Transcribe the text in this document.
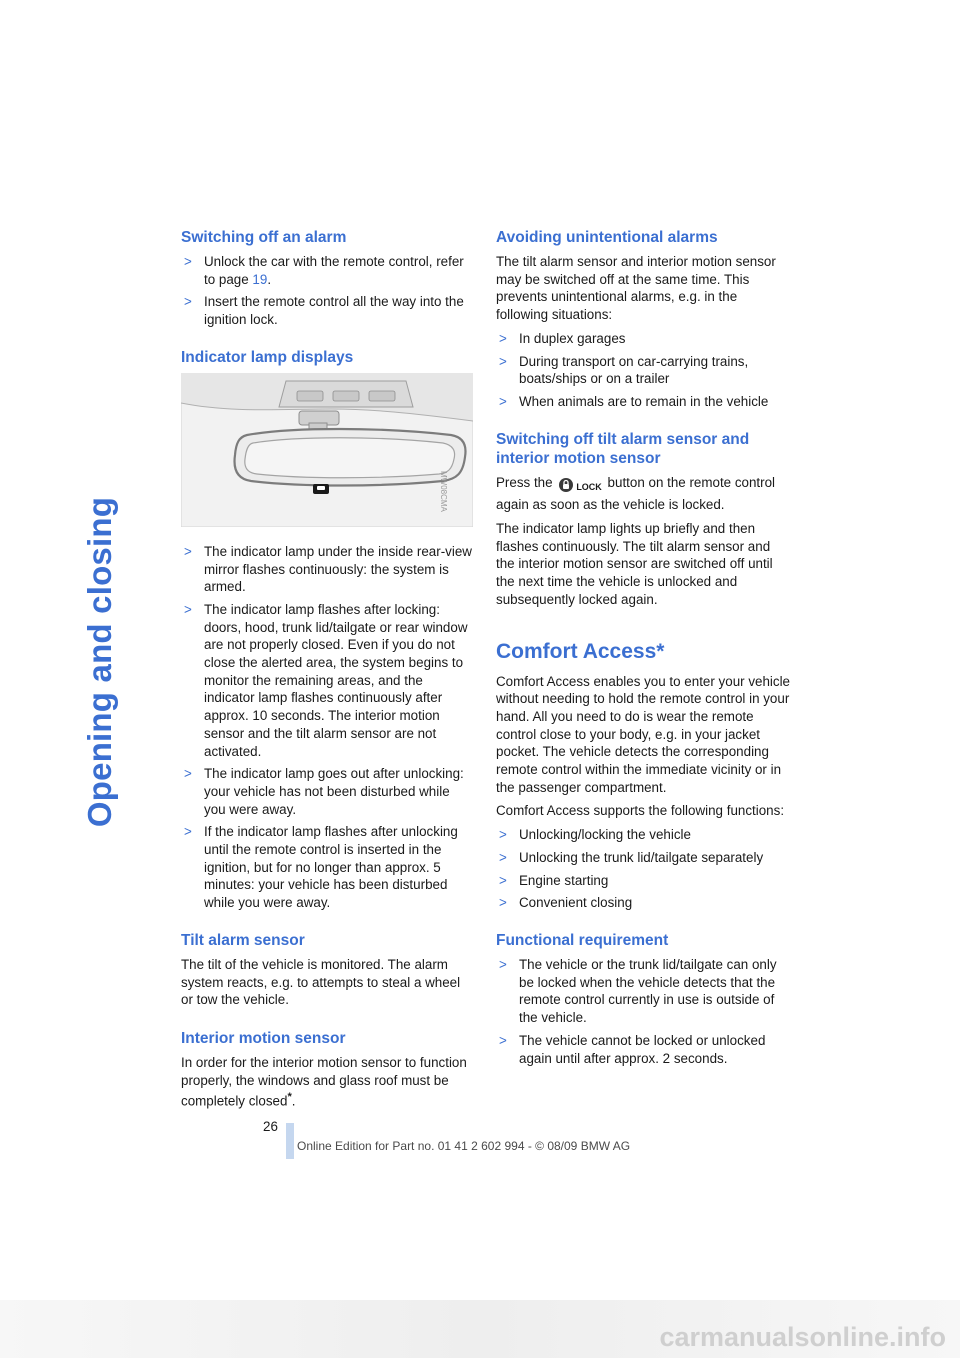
Opening and closing
Switching off an alarm
> Unlock the car with the remote control, refer to page 19.
> Insert the remote control all the way into the ignition lock.
Indicator lamp displays
MW08CMA
> The indicator lamp under the inside rear-view mirror flashes continuously: the system is armed.
> The indicator lamp flashes after locking: doors, hood, trunk lid/tailgate or rear window are not properly closed. Even if you do not close the alerted area, the system begins to monitor the remaining areas, and the indicator lamp flashes continuously after approx. 10 seconds. The interior motion sensor and the tilt alarm sensor are not activated.
> The indicator lamp goes out after unlocking: your vehicle has not been disturbed while you were away.
> If the indicator lamp flashes after unlocking until the remote control is inserted in the ignition, but for no longer than approx. 5 minutes: your vehicle has been disturbed while you were away.
Tilt alarm sensor

The tilt of the vehicle is monitored. The alarm system reacts, e.g. to attempts to steal a wheel or tow the vehicle.

Interior motion sensor

In order for the interior motion sensor to function properly, the windows and glass roof must be completely closed*.

Avoiding unintentional alarms

The tilt alarm sensor and interior motion sensor may be switched off at the same time. This prevents unintentional alarms, e.g. in the following situations:

> In duplex garages
> During transport on car-carrying trains, boats/ships or on a trailer
> When animals are to remain in the vehicle
Switching off tilt alarm sensor and interior motion sensor

Press the	LOCK button on the remote control again as soon as the vehicle is locked.

The indicator lamp lights up briefly and then flashes continuously. The tilt alarm sensor and the interior motion sensor are switched off until the next time the vehicle is unlocked and subsequently locked again.

Comfort Access*

Comfort Access enables you to enter your vehicle without needing to hold the remote control in your hand. All you need to do is wear the remote control close to your body, e.g. in your jacket pocket. The vehicle detects the corresponding remote control within the immediate vicinity or in the passenger compartment.

Comfort Access supports the following functions:

> Unlocking/locking the vehicle
> Unlocking the trunk lid/tailgate separately
> Engine starting
> Convenient closing
Functional requirement
> The vehicle or the trunk lid/tailgate can only be locked when the vehicle detects that the remote control currently in use is outside of the vehicle.
> The vehicle cannot be locked or unlocked again until after approx. 2 seconds.
26
Online Edition for Part no. 01 41 2 602 994 - © 08/09 BMW AG
carmanualsonline.info
